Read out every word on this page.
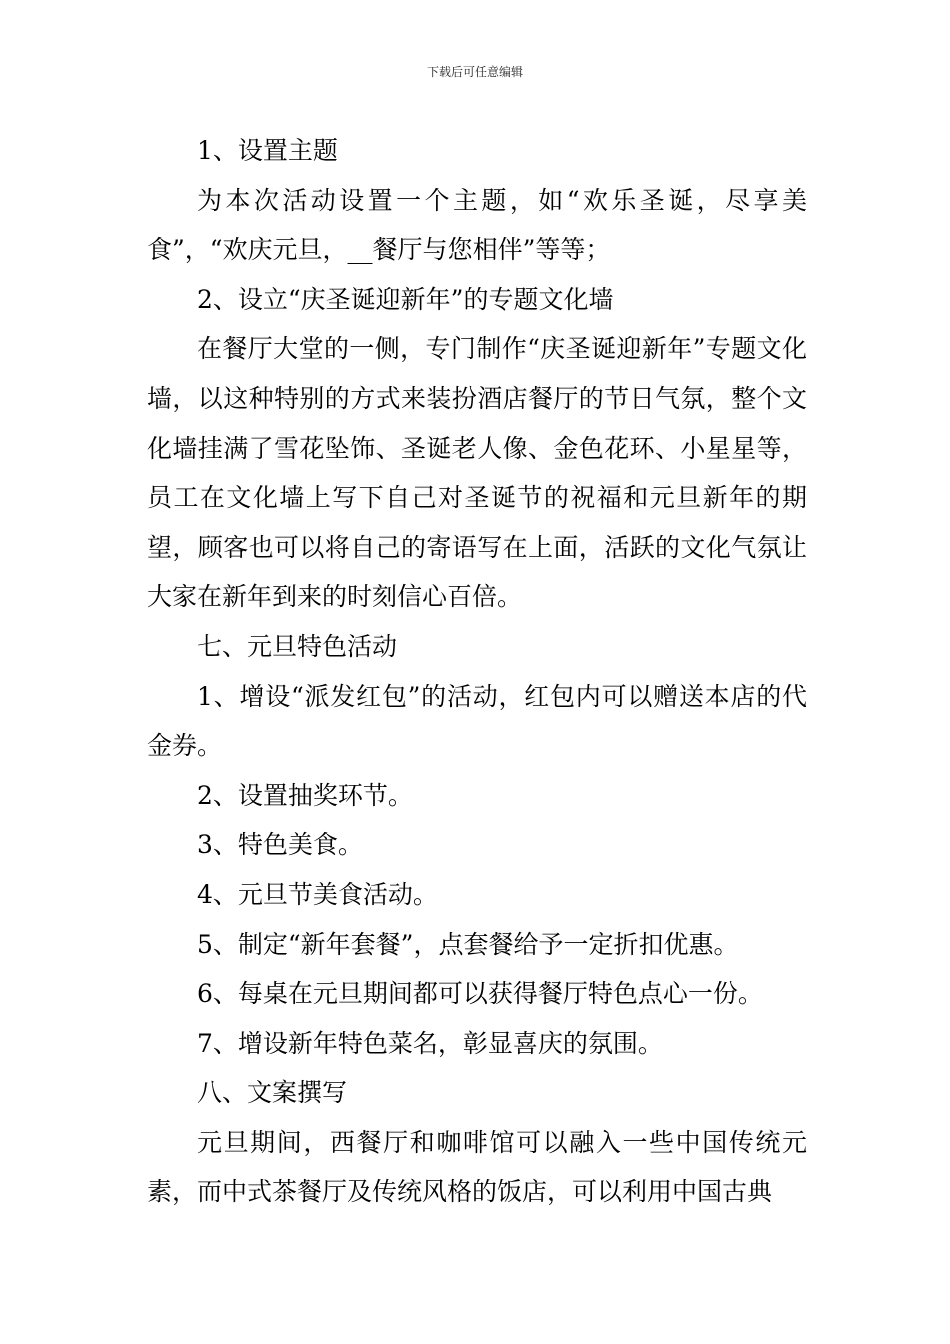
下载后可任意编辑

1、设置主题

为本次活动设置一个主题，如“欢乐圣诞，尽享美食”，“欢庆元旦，__餐厅与您相伴”等等；

2、设立“庆圣诞迎新年”的专题文化墙

在餐厅大堂的一侧，专门制作“庆圣诞迎新年”专题文化墙，以这种特别的方式来装扮酒店餐厅的节日气氛，整个文化墙挂满了雪花坠饰、圣诞老人像、金色花环、小星星等，员工在文化墙上写下自己对圣诞节的祝福和元旦新年的期望，顾客也可以将自己的寄语写在上面，活跃的文化气氛让大家在新年到来的时刻信心百倍。

七、元旦特色活动

1、增设“派发红包”的活动，红包内可以赠送本店的代金券。

2、设置抽奖环节。

3、特色美食。

4、元旦节美食活动。

5、制定“新年套餐”，点套餐给予一定折扣优惠。

6、每桌在元旦期间都可以获得餐厅特色点心一份。

7、增设新年特色菜名，彰显喜庆的氛围。

八、文案撰写

元旦期间，西餐厅和咖啡馆可以融入一些中国传统元素，而中式茶餐厅及传统风格的饭店，可以利用中国古典
